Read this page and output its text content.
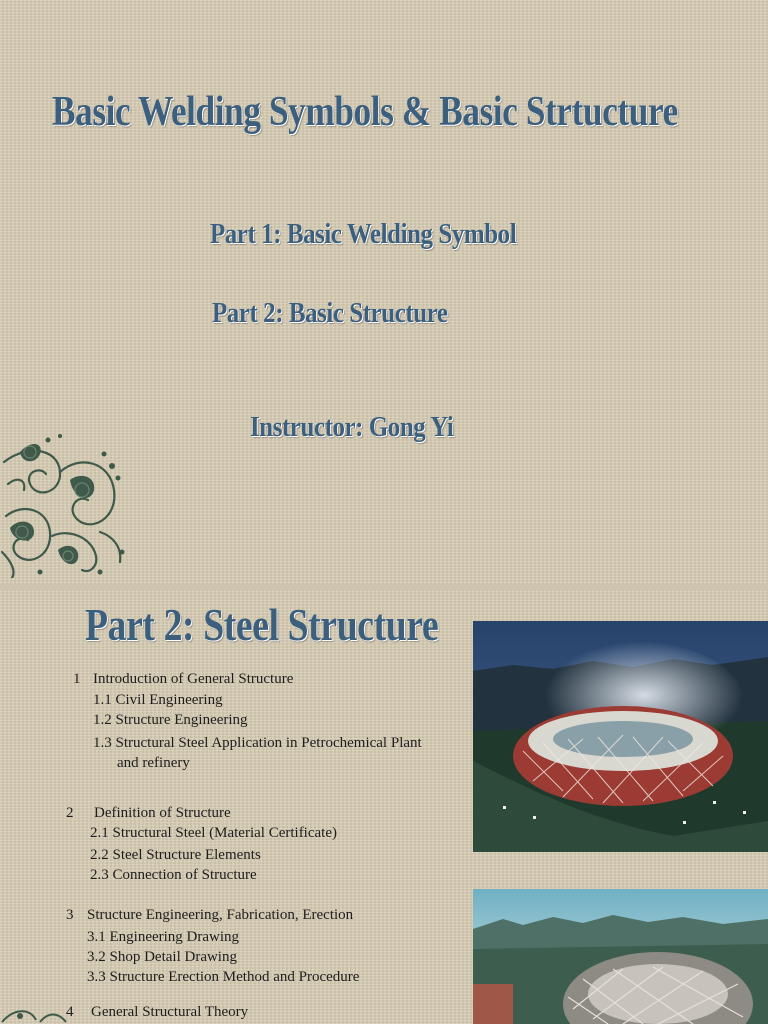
Basic Welding Symbols & Basic Strtucture
Part 1: Basic Welding Symbol
Part 2: Basic Structure
Instructor: Gong Yi
Part 2: Steel Structure
1 Introduction of General Structure
1.1 Civil Engineering
1.2 Structure Engineering
1.3 Structural Steel Application in Petrochemical Plant
and refinery
2 Definition of Structure
2.1 Structural Steel (Material Certificate)
2.2 Steel Structure Elements
2.3 Connection of Structure
3 Structure Engineering, Fabrication, Erection
3.1 Engineering Drawing
3.2 Shop Detail Drawing
3.3 Structure Erection Method and Procedure
4 General Structural Theory
